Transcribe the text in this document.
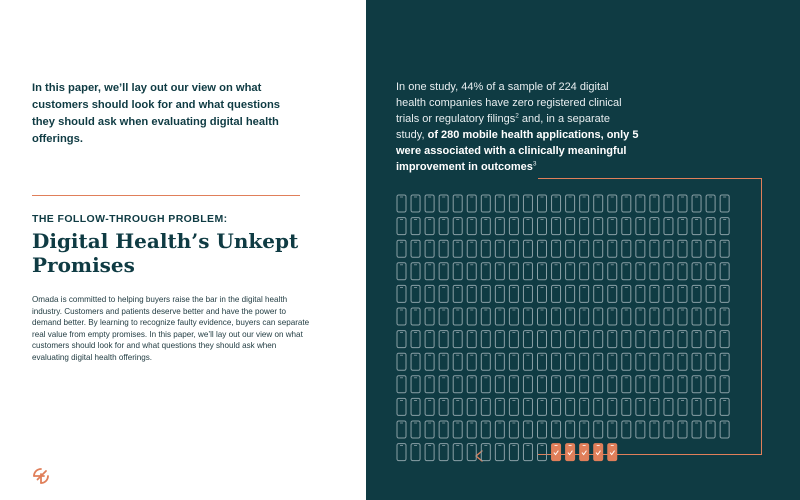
In this paper, we’ll lay out our view on what customers should look for and what questions they should ask when evaluating digital health offerings.
THE FOLLOW-THROUGH PROBLEM:
Digital Health’s Unkept Promises
Omada is committed to helping buyers raise the bar in the digital health industry. Customers and patients deserve better and have the power to demand better. By learning to recognize faulty evidence, buyers can separate real value from empty promises. In this paper, we’ll lay out our view on what customers should look for and what questions they should ask when evaluating digital health offerings.
In one study, 44% of a sample of 224 digital health companies have zero registered clinical trials or regulatory filings$^2$ and, in a separate study, of 280 mobile health applications, only 5 were associated with a clinically meaningful improvement in outcomes$^3$
